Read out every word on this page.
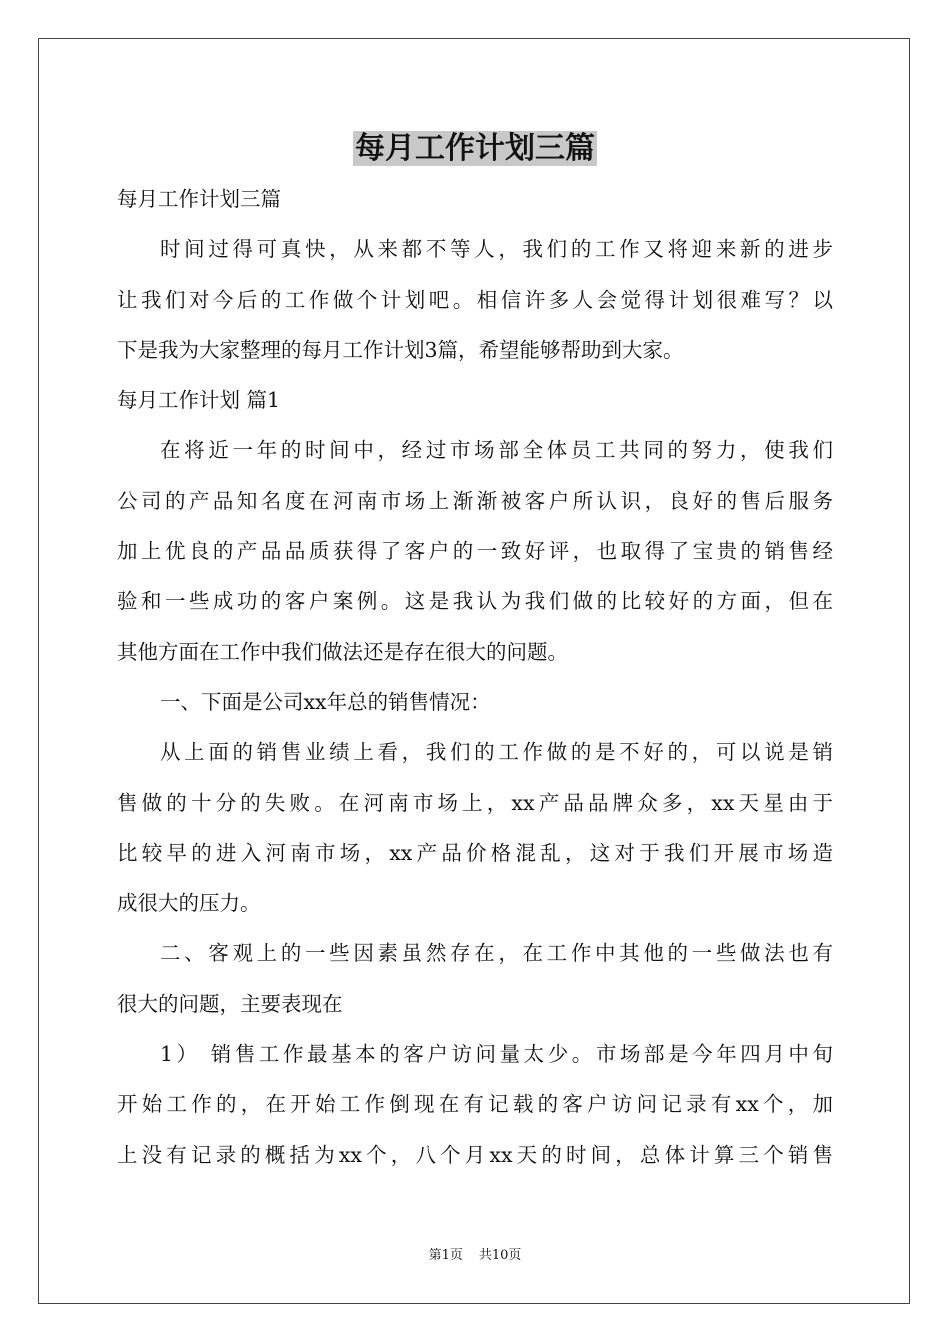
每月工作计划三篇

每月工作计划三篇

时间过得可真快，从来都不等人，我们的工作又将迎来新的进步

让我们对今后的工作做个计划吧。相信许多人会觉得计划很难写？以

下是我为大家整理的每月工作计划3篇，希望能够帮助到大家。

每月工作计划 篇1

在将近一年的时间中，经过市场部全体员工共同的努力，使我们

公司的产品知名度在河南市场上渐渐被客户所认识，良好的售后服务

加上优良的产品品质获得了客户的一致好评，也取得了宝贵的销售经

验和一些成功的客户案例。这是我认为我们做的比较好的方面，但在

其他方面在工作中我们做法还是存在很大的问题。

一、下面是公司xx年总的销售情况：

从上面的销售业绩上看，我们的工作做的是不好的，可以说是销

售做的十分的失败。在河南市场上，xx产品品牌众多，xx天星由于

比较早的进入河南市场，xx产品价格混乱，这对于我们开展市场造

成很大的压力。

二、客观上的一些因素虽然存在，在工作中其他的一些做法也有

很大的问题，主要表现在

1） 销售工作最基本的客户访问量太少。市场部是今年四月中旬

开始工作的，在开始工作倒现在有记载的客户访问记录有xx个，加

上没有记录的概括为xx个，八个月xx天的时间，总体计算三个销售

第1页 共10页
